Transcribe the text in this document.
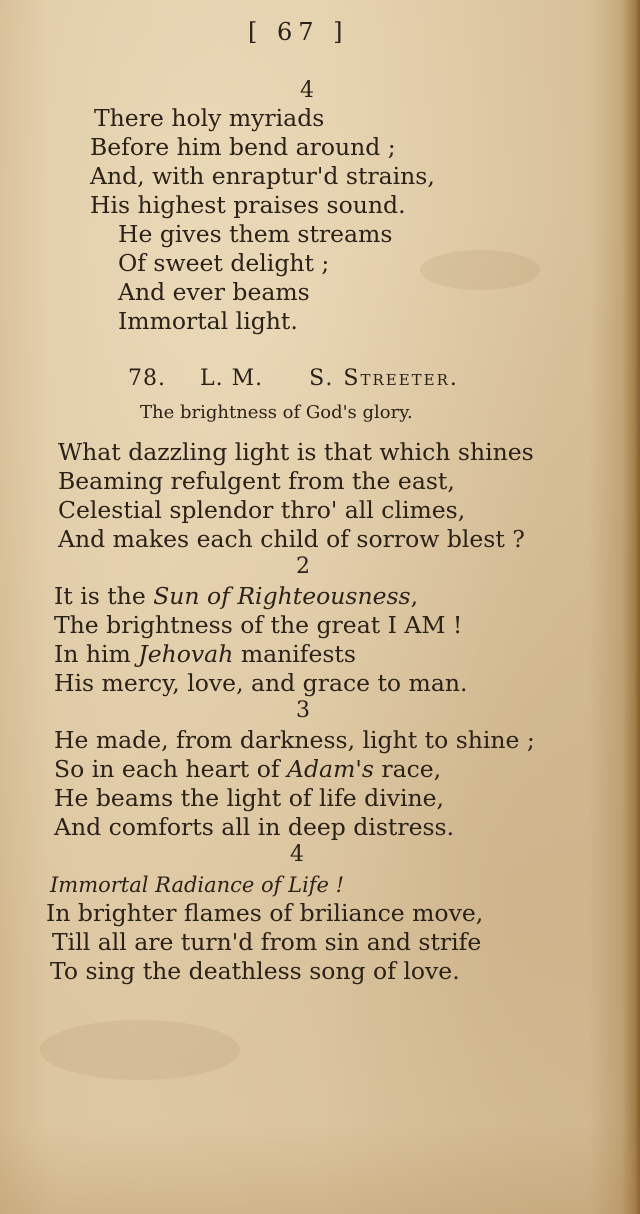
[ 67 ]
4
There holy myriads
Before him bend around ;
And, with enraptur'd strains,
His highest praises sound.
He gives them streams
Of sweet delight ;
And ever beams
Immortal light.
78. L. M. S. Streeter.
The brightness of God's glory.
What dazzling light is that which shines
Beaming refulgent from the east,
Celestial splendor thro' all climes,
And makes each child of sorrow blest ?
2
It is the Sun of Righteousness,
The brightness of the great I AM !
In him Jehovah manifests
His mercy, love, and grace to man.
3
He made, from darkness, light to shine ;
So in each heart of Adam's race,
He beams the light of life divine,
And comforts all in deep distress.
4
Immortal Radiance of Life !
In brighter flames of briliance move,
Till all are turn'd from sin and strife
To sing the deathless song of love.
